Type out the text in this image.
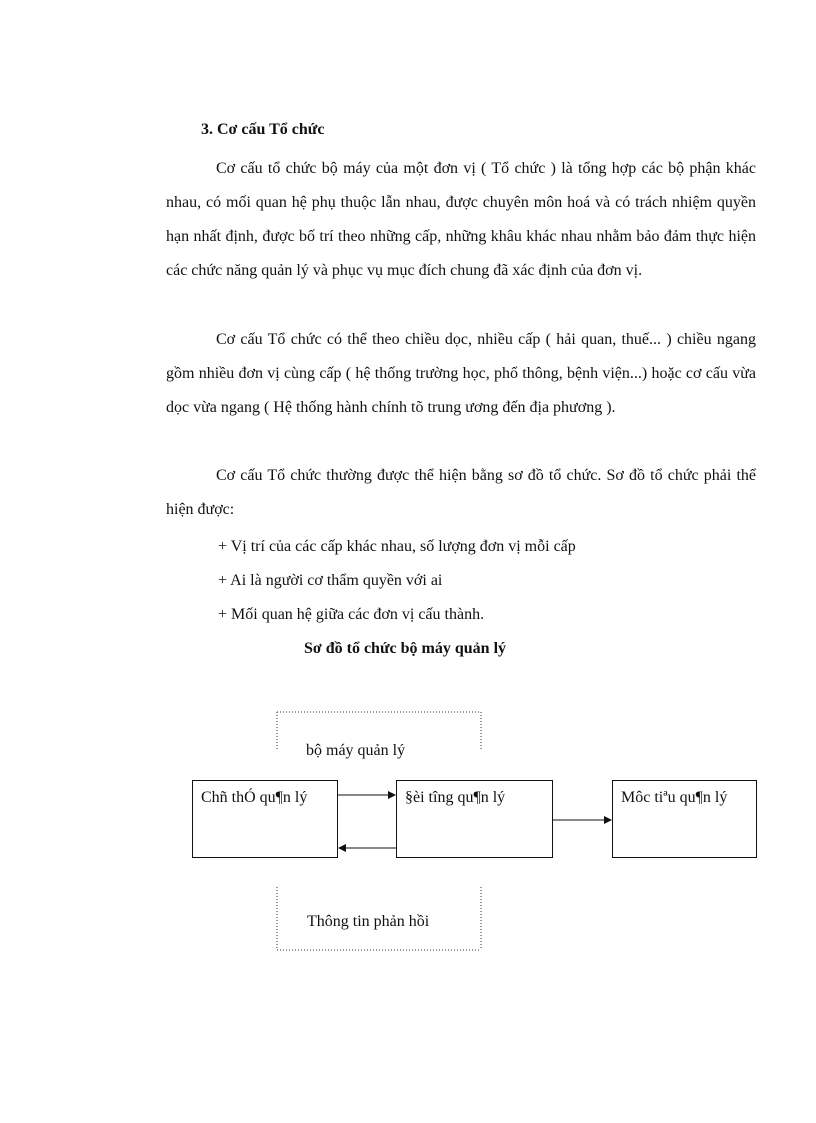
3. Cơ cấu Tổ chức

Cơ cấu tổ chức bộ máy của một đơn vị ( Tổ chức ) là tổng hợp các bộ phận khác nhau, có mối quan hệ phụ thuộc lẫn nhau, được chuyên môn hoá và có trách nhiệm quyền hạn nhất định, được bố trí theo những cấp, những khâu khác nhau nhằm bảo đảm thực hiện các chức năng quản lý và phục vụ mục đích chung đã xác định của đơn vị.

Cơ cấu Tổ chức có thể theo chiều dọc, nhiều cấp ( hải quan, thuế... ) chiều ngang gồm nhiều đơn vị cùng cấp ( hệ thống trường học, phổ thông, bệnh viện...) hoặc cơ cấu vừa dọc vừa ngang ( Hệ thống hành chính tõ trung ương đến địa phương ).

Cơ cấu Tổ chức thường được thể hiện bằng sơ đồ tổ chức. Sơ đồ tổ chức phải thể hiện được:

+ Vị trí của các cấp khác nhau, số lượng đơn vị mỗi cấp

+ Ai là người cơ thẩm quyền với ai

+ Mối quan hệ giữa các đơn vị cấu thành.

Sơ đồ tổ chức bộ máy quản lý

bộ máy quản lý
Thông tin phản hồi
Chñ thÓ qu¶n lý	§èi tîng qu¶n lý	Môc tiªu qu¶n lý
